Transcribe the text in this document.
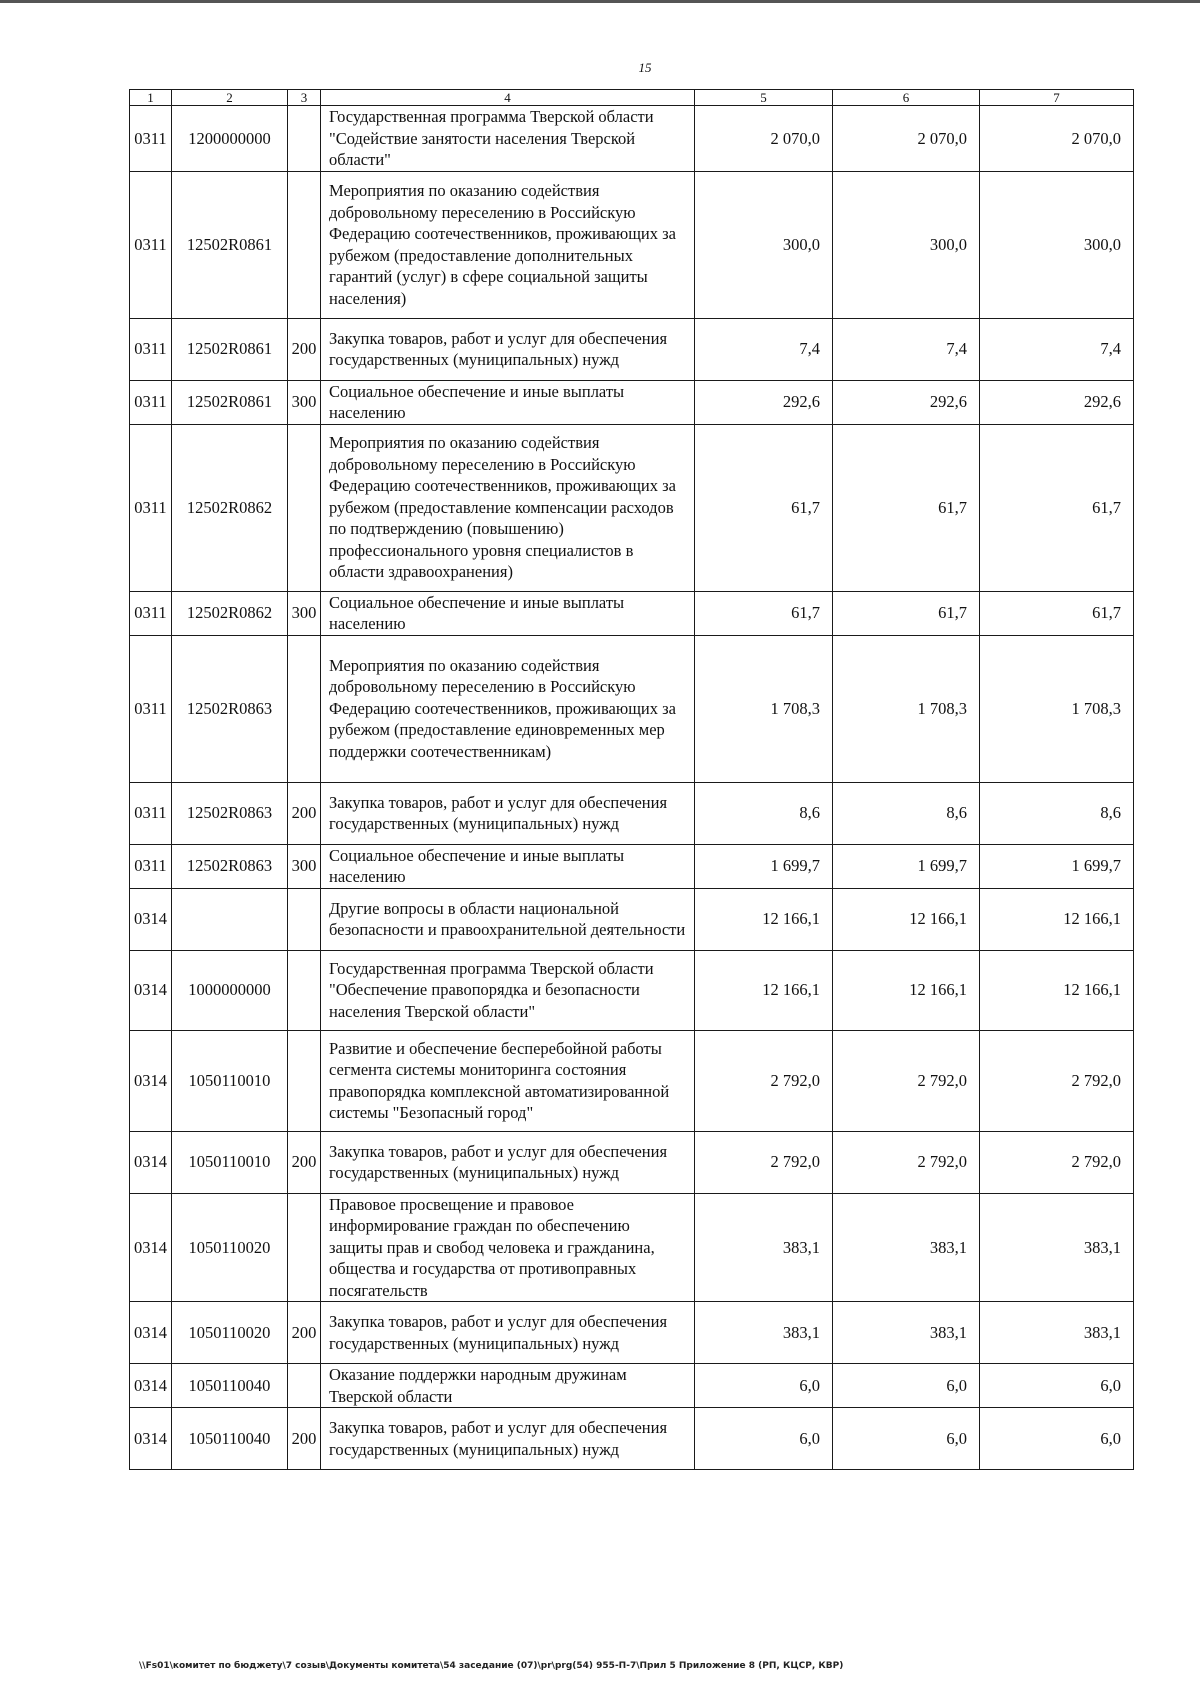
15
1	2	3	4	5	6	7
0311	1200000000		Государственная программа Тверской области "Содействие занятости населения Тверской области"	2 070,0	2 070,0	2 070,0
0311	12502R0861		Мероприятия по оказанию содействия добровольному переселению в Российскую Федерацию соотечественников, проживающих за рубежом (предоставление дополнительных гарантий (услуг) в сфере социальной защиты населения)	300,0	300,0	300,0
0311	12502R0861	200	Закупка товаров, работ и услуг для обеспечения государственных (муниципальных) нужд	7,4	7,4	7,4
0311	12502R0861	300	Социальное обеспечение и иные выплаты населению	292,6	292,6	292,6
0311	12502R0862		Мероприятия по оказанию содействия добровольному переселению в Российскую Федерацию соотечественников, проживающих за рубежом (предоставление компенсации расходов по подтверждению (повышению) профессионального уровня специалистов в области здравоохранения)	61,7	61,7	61,7
0311	12502R0862	300	Социальное обеспечение и иные выплаты населению	61,7	61,7	61,7
0311	12502R0863		Мероприятия по оказанию содействия добровольному переселению в Российскую Федерацию соотечественников, проживающих за рубежом (предоставление единовременных мер поддержки соотечественникам)	1 708,3	1 708,3	1 708,3
0311	12502R0863	200	Закупка товаров, работ и услуг для обеспечения государственных (муниципальных) нужд	8,6	8,6	8,6
0311	12502R0863	300	Социальное обеспечение и иные выплаты населению	1 699,7	1 699,7	1 699,7
0314			Другие вопросы в области национальной безопасности и правоохранительной деятельности	12 166,1	12 166,1	12 166,1
0314	1000000000		Государственная программа Тверской области "Обеспечение правопорядка и безопасности населения Тверской области"	12 166,1	12 166,1	12 166,1
0314	1050110010		Развитие и обеспечение бесперебойной работы сегмента системы мониторинга состояния правопорядка комплексной автоматизированной системы "Безопасный город"	2 792,0	2 792,0	2 792,0
0314	1050110010	200	Закупка товаров, работ и услуг для обеспечения государственных (муниципальных) нужд	2 792,0	2 792,0	2 792,0
0314	1050110020		Правовое просвещение и правовое информирование граждан по обеспечению защиты прав и свобод человека и гражданина, общества и государства от противоправных посягательств	383,1	383,1	383,1
0314	1050110020	200	Закупка товаров, работ и услуг для обеспечения государственных (муниципальных) нужд	383,1	383,1	383,1
0314	1050110040		Оказание поддержки народным дружинам Тверской области	6,0	6,0	6,0
0314	1050110040	200	Закупка товаров, работ и услуг для обеспечения государственных (муниципальных) нужд	6,0	6,0	6,0
\\Fs01\комитет по бюджету\7 созыв\Документы комитета\54 заседание (07)\pr\prg(54) 955-П-7\Прил 5 Приложение 8 (РП, КЦСР, КВР)
